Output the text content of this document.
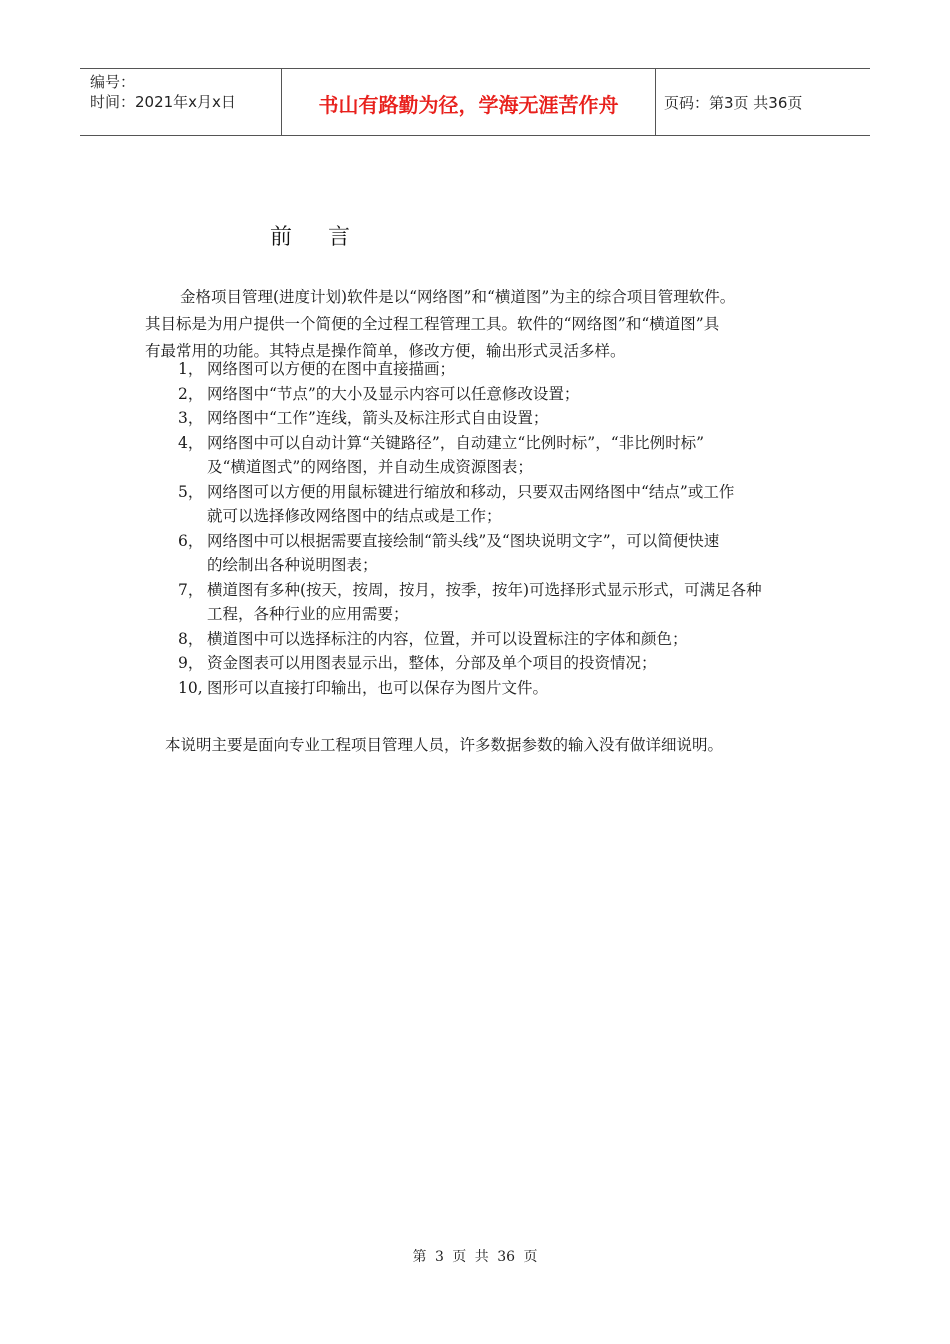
编号：
时间：2021年x月x日	书山有路勤为径，学海无涯苦作舟	页码：第3页 共36页
前言

金格项目管理(进度计划)软件是以“网络图”和“横道图”为主的综合项目管理软件。

其目标是为用户提供一个简便的全过程工程管理工具。软件的“网络图”和“横道图”具

有最常用的功能。其特点是操作简单，修改方便，输出形式灵活多样。

1， 网络图可以方便的在图中直接描画；
2， 网络图中“节点”的大小及显示内容可以任意修改设置；
3， 网络图中“工作”连线，箭头及标注形式自由设置；
4， 网络图中可以自动计算“关键路径”，自动建立“比例时标”，“非比例时标”
及“横道图式”的网络图，并自动生成资源图表；
5， 网络图可以方便的用鼠标键进行缩放和移动，只要双击网络图中“结点”或工作
就可以选择修改网络图中的结点或是工作；
6， 网络图中可以根据需要直接绘制“箭头线”及“图块说明文字”，可以简便快速
的绘制出各种说明图表；
7， 横道图有多种(按天，按周，按月，按季，按年)可选择形式显示形式，可满足各种
工程，各种行业的应用需要；
8， 横道图中可以选择标注的内容，位置，并可以设置标注的字体和颜色；
9， 资金图表可以用图表显示出，整体，分部及单个项目的投资情况；
10, 图形可以直接打印输出，也可以保存为图片文件。
本说明主要是面向专业工程项目管理人员，许多数据参数的输入没有做详细说明。
第 3 页 共 36 页
